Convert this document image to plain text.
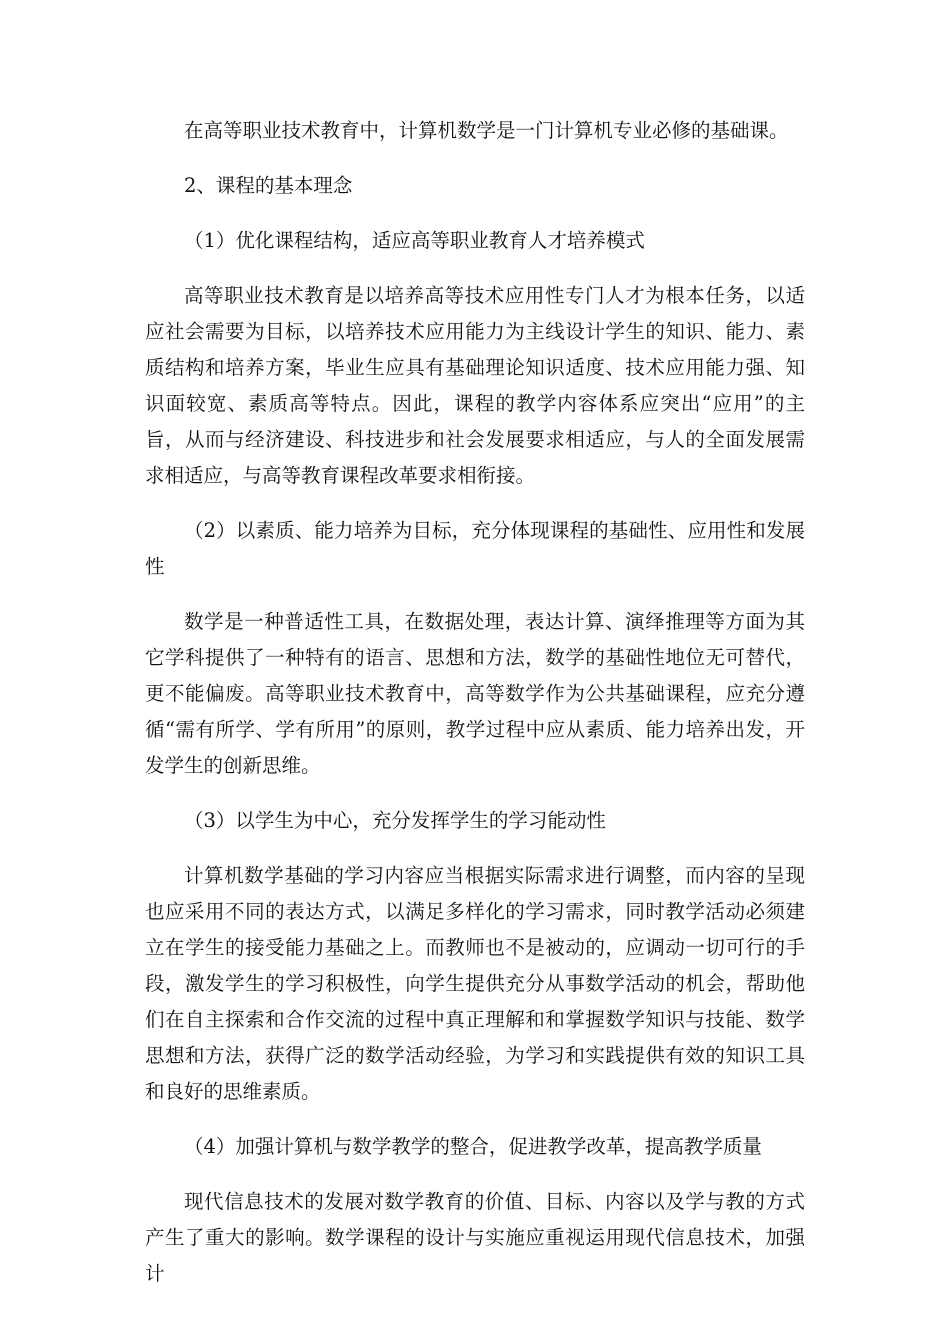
在高等职业技术教育中，计算机数学是一门计算机专业必修的基础课。

2、课程的基本理念

（1）优化课程结构，适应高等职业教育人才培养模式

高等职业技术教育是以培养高等技术应用性专门人才为根本任务，以适应社会需要为目标，以培养技术应用能力为主线设计学生的知识、能力、素质结构和培养方案，毕业生应具有基础理论知识适度、技术应用能力强、知识面较宽、素质高等特点。因此，课程的教学内容体系应突出“应用”的主旨，从而与经济建设、科技进步和社会发展要求相适应，与人的全面发展需求相适应，与高等教育课程改革要求相衔接。

（2）以素质、能力培养为目标，充分体现课程的基础性、应用性和发展性

数学是一种普适性工具，在数据处理，表达计算、演绎推理等方面为其它学科提供了一种特有的语言、思想和方法，数学的基础性地位无可替代，更不能偏废。高等职业技术教育中，高等数学作为公共基础课程，应充分遵循“需有所学、学有所用”的原则，教学过程中应从素质、能力培养出发，开发学生的创新思维。

（3）以学生为中心，充分发挥学生的学习能动性

计算机数学基础的学习内容应当根据实际需求进行调整，而内容的呈现也应采用不同的表达方式，以满足多样化的学习需求，同时教学活动必须建立在学生的接受能力基础之上。而教师也不是被动的，应调动一切可行的手段，激发学生的学习积极性，向学生提供充分从事数学活动的机会，帮助他们在自主探索和合作交流的过程中真正理解和和掌握数学知识与技能、数学思想和方法，获得广泛的数学活动经验，为学习和实践提供有效的知识工具和良好的思维素质。

（4）加强计算机与数学教学的整合，促进教学改革，提高教学质量

现代信息技术的发展对数学教育的价值、目标、内容以及学与教的方式产生了重大的影响。数学课程的设计与实施应重视运用现代信息技术，加强计
